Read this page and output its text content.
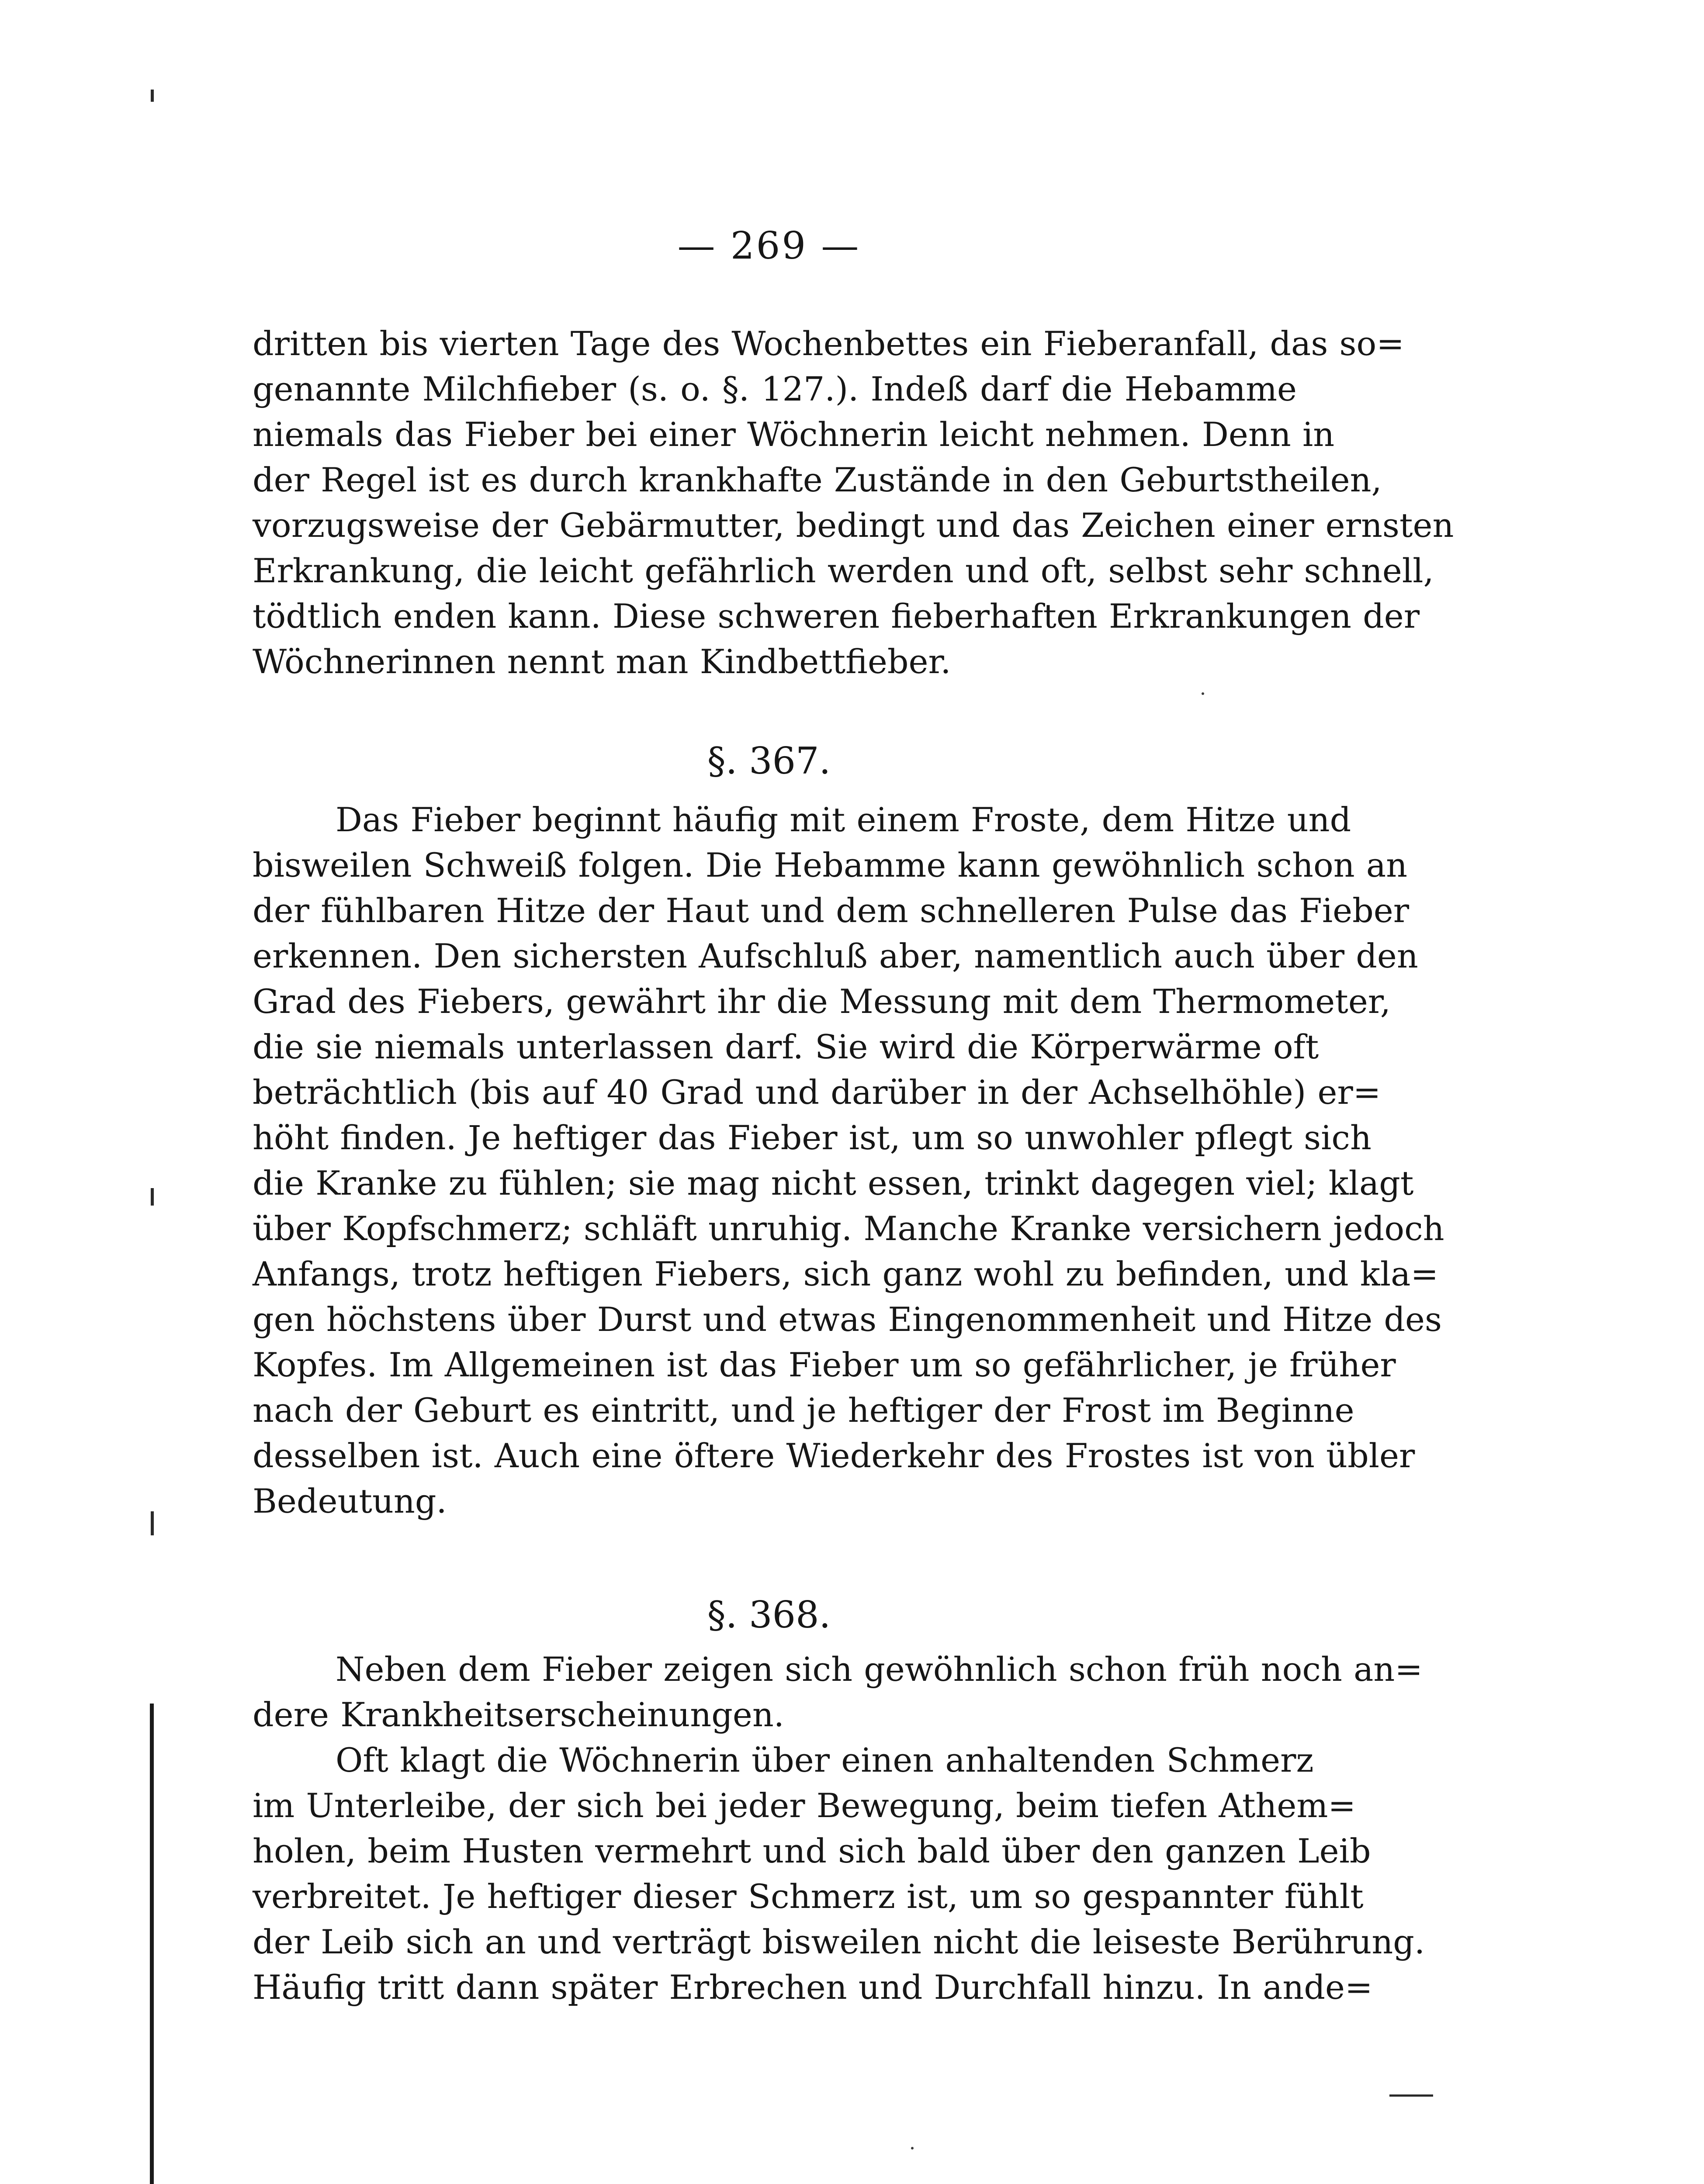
— 269 —
dritten bis vierten Tage des Wochenbettes ein Fieberanfall, das so=
genannte Milchfieber (s. o. §. 127.). Indeß darf die Hebamme
niemals das Fieber bei einer Wöchnerin leicht nehmen. Denn in
der Regel ist es durch krankhafte Zustände in den Geburtstheilen,
vorzugsweise der Gebärmutter, bedingt und das Zeichen einer ernsten
Erkrankung, die leicht gefährlich werden und oft, selbst sehr schnell,
tödtlich enden kann. Diese schweren fieberhaften Erkrankungen der
Wöchnerinnen nennt man Kindbettfieber.
§. 367.
Das Fieber beginnt häufig mit einem Froste, dem Hitze und
bisweilen Schweiß folgen. Die Hebamme kann gewöhnlich schon an
der fühlbaren Hitze der Haut und dem schnelleren Pulse das Fieber
erkennen. Den sichersten Aufschluß aber, namentlich auch über den
Grad des Fiebers, gewährt ihr die Messung mit dem Thermometer,
die sie niemals unterlassen darf. Sie wird die Körperwärme oft
beträchtlich (bis auf 40 Grad und darüber in der Achselhöhle) er=
höht finden. Je heftiger das Fieber ist, um so unwohler pflegt sich
die Kranke zu fühlen; sie mag nicht essen, trinkt dagegen viel; klagt
über Kopfschmerz; schläft unruhig. Manche Kranke versichern jedoch
Anfangs, trotz heftigen Fiebers, sich ganz wohl zu befinden, und kla=
gen höchstens über Durst und etwas Eingenommenheit und Hitze des
Kopfes. Im Allgemeinen ist das Fieber um so gefährlicher, je früher
nach der Geburt es eintritt, und je heftiger der Frost im Beginne
desselben ist. Auch eine öftere Wiederkehr des Frostes ist von übler
Bedeutung.
§. 368.
Neben dem Fieber zeigen sich gewöhnlich schon früh noch an=
dere Krankheitserscheinungen.
Oft klagt die Wöchnerin über einen anhaltenden Schmerz
im Unterleibe, der sich bei jeder Bewegung, beim tiefen Athem=
holen, beim Husten vermehrt und sich bald über den ganzen Leib
verbreitet. Je heftiger dieser Schmerz ist, um so gespannter fühlt
der Leib sich an und verträgt bisweilen nicht die leiseste Berührung.
Häufig tritt dann später Erbrechen und Durchfall hinzu. In ande=
